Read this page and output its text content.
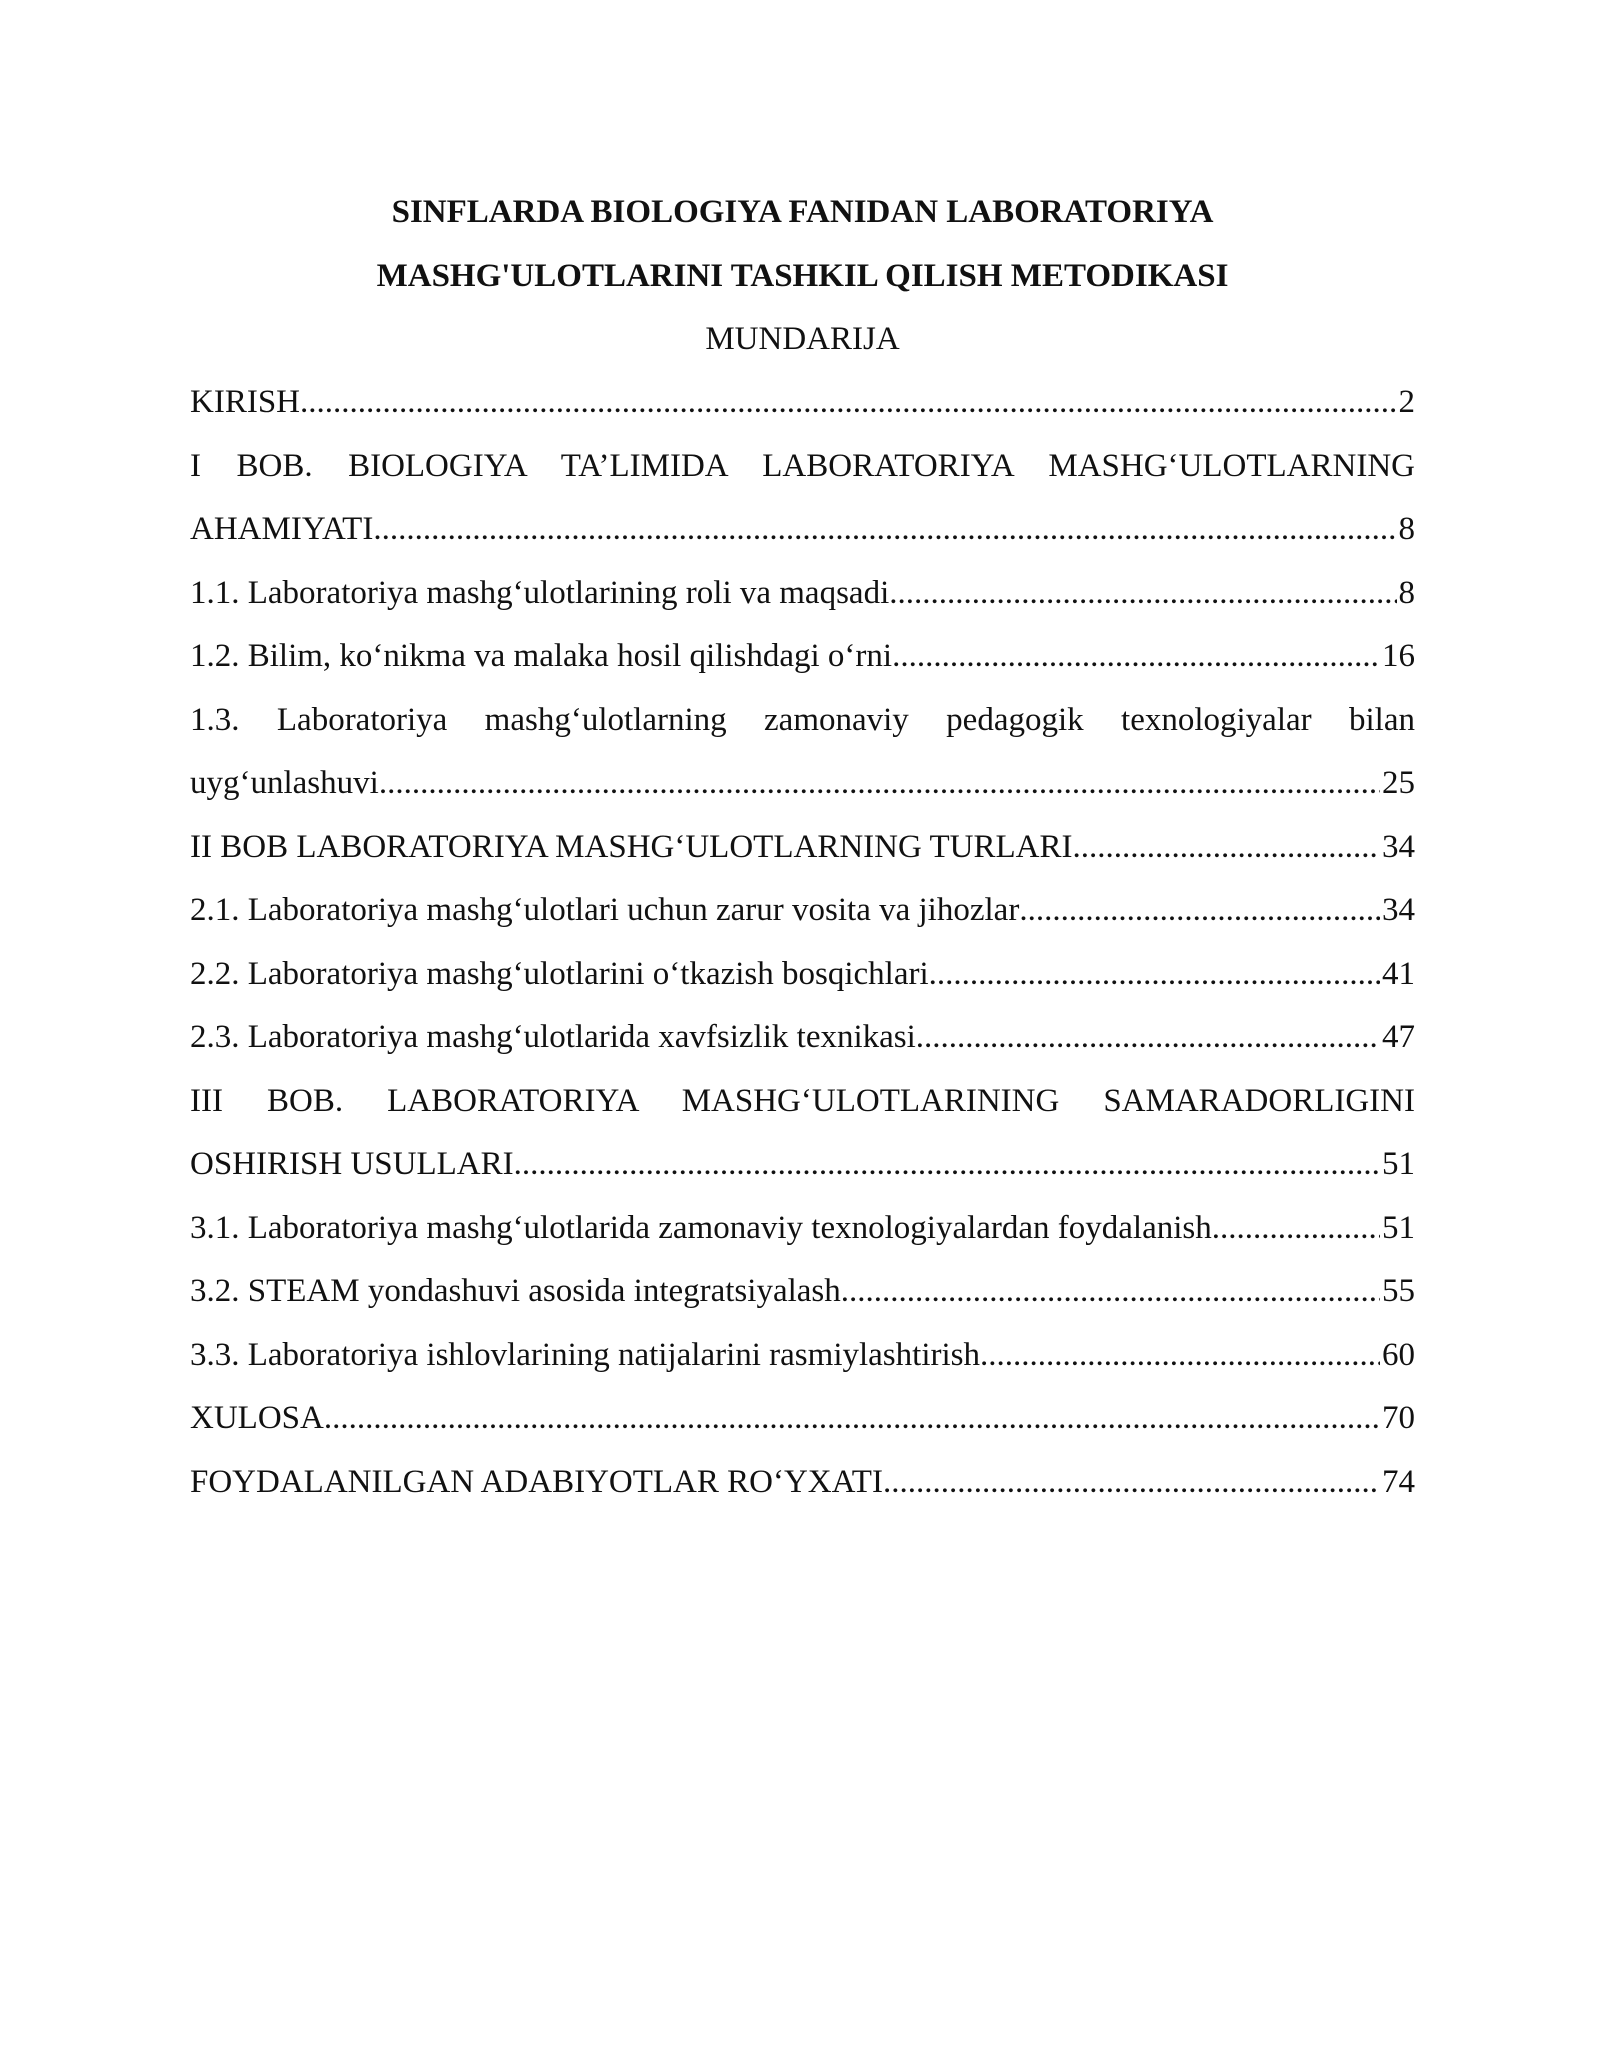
SINFLARDA BIOLOGIYA FANIDAN LABORATORIYA

MASHG'ULOTLARINI TASHKIL QILISH METODIKASI

MUNDARIJA

KIRISH .....	2
I BOB. BIOLOGIYA TA’LIMIDA LABORATORIYA MASHG‘ULOTLARNING
AHAMIYATI .....	8
1.1. Laboratoriya mashg‘ulotlarining roli va maqsadi .....	8
1.2. Bilim, ko‘nikma va malaka hosil qilishdagi o‘rni .....	16
1.3. Laboratoriya mashg‘ulotlarning zamonaviy pedagogik texnologiyalar bilan
uyg‘unlashuvi .....	25
II BOB LABORATORIYA MASHG‘ULOTLARNING TURLARI .....	34
2.1. Laboratoriya mashg‘ulotlari uchun zarur vosita va jihozlar .....	34
2.2. Laboratoriya mashg‘ulotlarini o‘tkazish bosqichlari .....	41
2.3. Laboratoriya mashg‘ulotlarida xavfsizlik texnikasi .....	47
III BOB. LABORATORIYA MASHG‘ULOTLARINING SAMARADORLIGINI
OSHIRISH USULLARI .....	51
3.1. Laboratoriya mashg‘ulotlarida zamonaviy texnologiyalardan foydalanish .....	51
3.2. STEAM yondashuvi asosida integratsiyalash .....	55
3.3. Laboratoriya ishlovlarining natijalarini rasmiylashtirish .....	60
XULOSA .....	70
FOYDALANILGAN ADABIYOTLAR RO‘YXATI .....	74
